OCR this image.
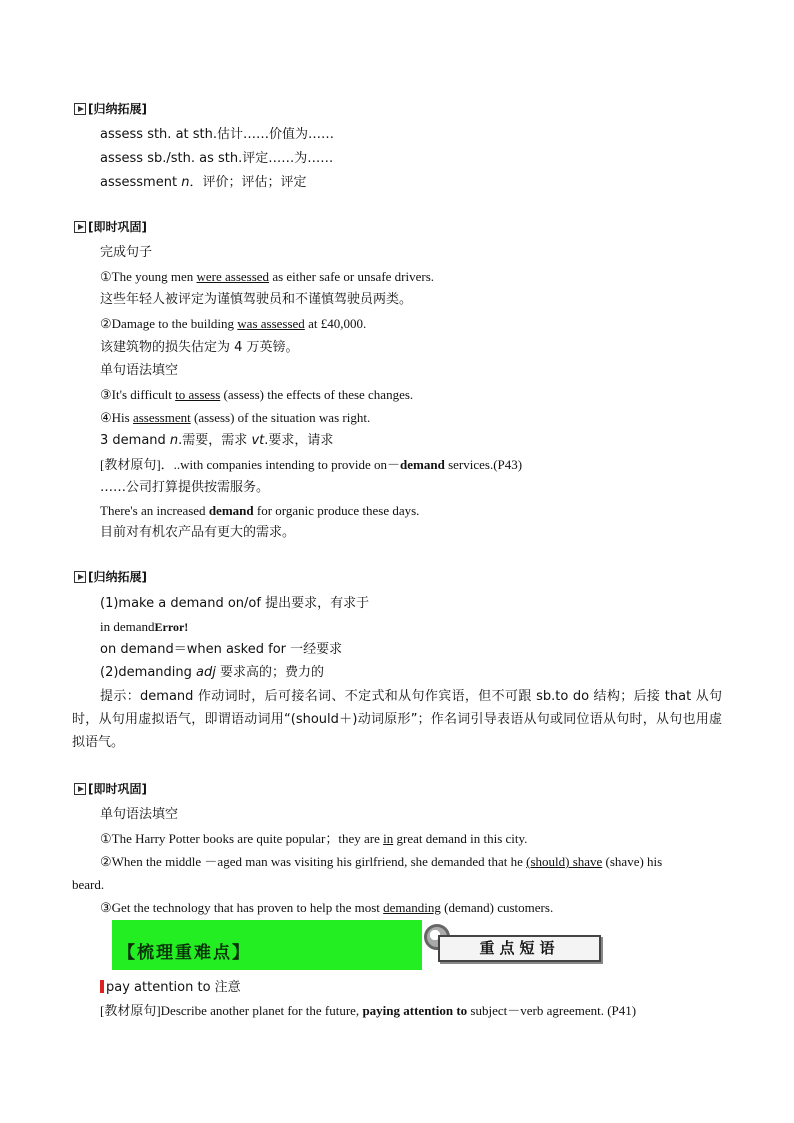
[归纳拓展]
assess sth. at sth.估计……价值为……
assess sb./sth. as sth.评定……为……
assessment n．评价；评估；评定
[即时巩固]
完成句子
①The young men were assessed as either safe or unsafe drivers.
这些年轻人被评定为谨慎驾驶员和不谨慎驾驶员两类。
②Damage to the building was assessed at £40,000.
该建筑物的损失估定为 4 万英镑。
单句语法填空
③It's difficult to assess (assess) the effects of these changes.
④His assessment (assess) of the situation was right.
3 demand n.需要，需求 vt.要求，请求
[教材原句]．..with companies intending to provide on－demand services.(P43)
……公司打算提供按需服务。
There's an increased demand for organic produce these days.
目前对有机农产品有更大的需求。
[归纳拓展]
(1)make a demand on/of 提出要求，有求于
in demandError!
on demand＝when asked for 一经要求
(2)demanding adj 要求高的；费力的
提示：demand 作动词时，后可接名词、不定式和从句作宾语，但不可跟 sb.to do 结构；后接 that 从句时，从句用虚拟语气，即谓语动词用“(should＋)动词原形”；作名词引导表语从句或同位语从句时，从句也用虚拟语气。
[即时巩固]
单句语法填空
①The Harry Potter books are quite popular；they are in great demand in this city.
②When the middle －aged man was visiting his girlfriend, she demanded that he (should) shave (shave) his
beard.
③Get the technology that has proven to help the most demanding (demand) customers.
【梳理重难点】	重点短语
pay attention to 注意
[教材原句]Describe another planet for the future, paying attention to subject－verb agreement. (P41)
